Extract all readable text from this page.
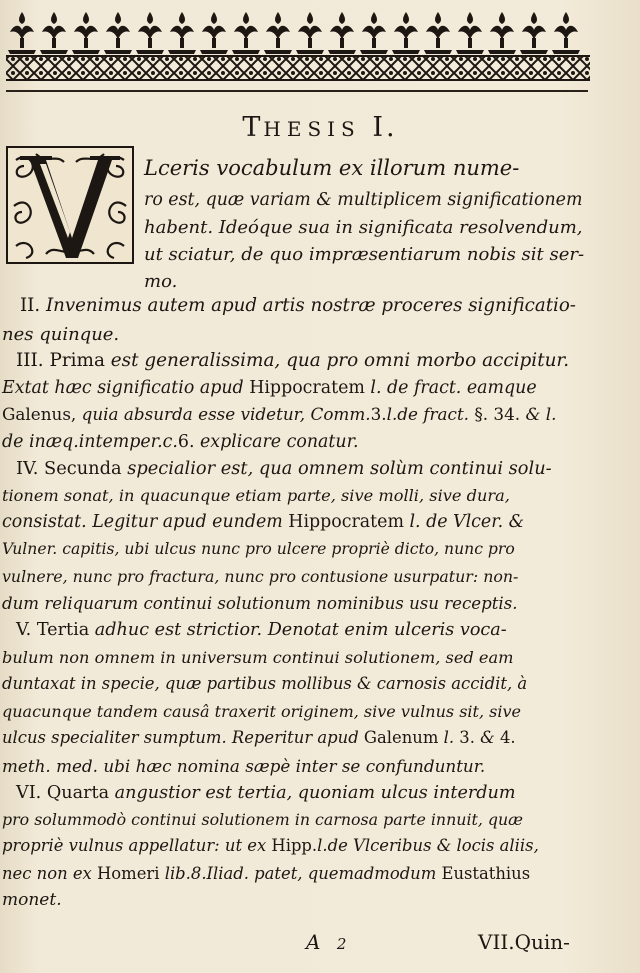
THESIS I.
Lceris vocabulum ex illorum nume-
ro est, quæ variam & multiplicem significationem
habent. Ideóque sua in significata resolvendum,
ut sciatur, de quo impræsentiarum nobis sit ser-
mo.
II. Invenimus autem apud artis nostræ proceres significatio-
nes quinque.
III. Prima est generalissima, qua pro omni morbo accipitur.
Extat hæc significatio apud Hippocratem l. de fract. eamque
Galenus, quia absurda esse videtur, Comm.3.l.de fract. §. 34. & l.
de inæq.intemper.c.6. explicare conatur.
IV. Secunda specialior est, qua omnem solùm continui solu-
tionem sonat, in quacunque etiam parte, sive molli, sive dura,
consistat. Legitur apud eundem Hippocratem l. de Vlcer. &
Vulner. capitis, ubi ulcus nunc pro ulcere propriè dicto, nunc pro
vulnere, nunc pro fractura, nunc pro contusione usurpatur: non-
dum reliquarum continui solutionum nominibus usu receptis.
V. Tertia adhuc est strictior. Denotat enim ulceris voca-
bulum non omnem in universum continui solutionem, sed eam
duntaxat in specie, quæ partibus mollibus & carnosis accidit, à
quacunque tandem causâ traxerit originem, sive vulnus sit, sive
ulcus specialiter sumptum. Reperitur apud Galenum l. 3. & 4.
meth. med. ubi hæc nomina sæpè inter se confunduntur.
VI. Quarta angustior est tertia, quoniam ulcus interdum
pro solummodò continui solutionem in carnosa parte innuit, quæ
propriè vulnus appellatur: ut ex Hipp.l.de Vlceribus & locis aliis,
nec non ex Homeri lib.8.Iliad. patet, quemadmodum Eustathius
monet.
A 2	VII.Quin-
